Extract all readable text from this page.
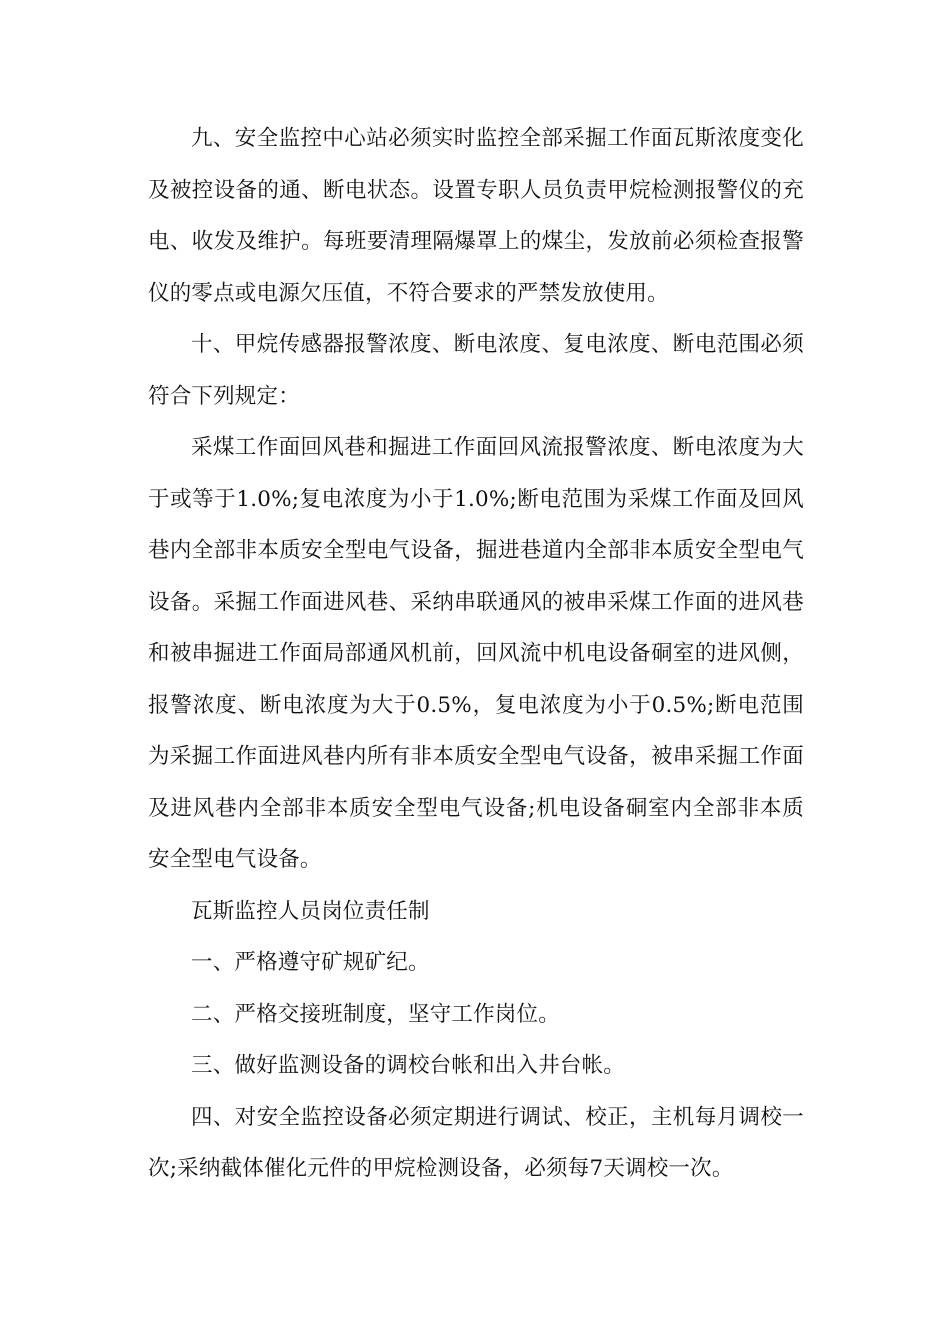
九、安全监控中心站必须实时监控全部采掘工作面瓦斯浓度变化及被控设备的通、断电状态。设置专职人员负责甲烷检测报警仪的充电、收发及维护。每班要清理隔爆罩上的煤尘，发放前必须检查报警仪的零点或电源欠压值，不符合要求的严禁发放使用。

十、甲烷传感器报警浓度、断电浓度、复电浓度、断电范围必须符合下列规定：

采煤工作面回风巷和掘进工作面回风流报警浓度、断电浓度为大于或等于1.0%;复电浓度为小于1.0%;断电范围为采煤工作面及回风巷内全部非本质安全型电气设备，掘进巷道内全部非本质安全型电气设备。采掘工作面进风巷、采纳串联通风的被串采煤工作面的进风巷和被串掘进工作面局部通风机前，回风流中机电设备硐室的进风侧，报警浓度、断电浓度为大于0.5%，复电浓度为小于0.5%;断电范围为采掘工作面进风巷内所有非本质安全型电气设备，被串采掘工作面及进风巷内全部非本质安全型电气设备;机电设备硐室内全部非本质安全型电气设备。

瓦斯监控人员岗位责任制

一、严格遵守矿规矿纪。

二、严格交接班制度，坚守工作岗位。

三、做好监测设备的调校台帐和出入井台帐。

四、对安全监控设备必须定期进行调试、校正，主机每月调校一次;采纳截体催化元件的甲烷检测设备，必须每7天调校一次。
